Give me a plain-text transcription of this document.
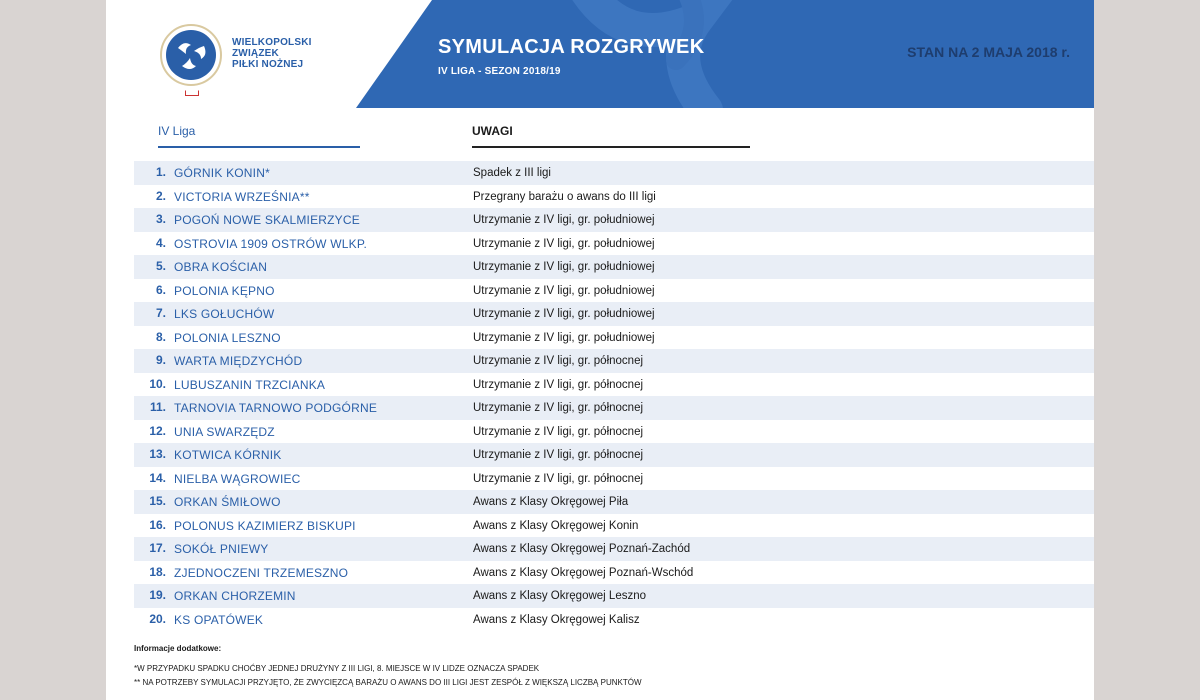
WIELKOPOLSKI
ZWIĄZEK
PIŁKI NOŻNEJ
SYMULACJA ROZGRYWEK
IV LIGA - SEZON 2018/19
STAN NA 2 MAJA 2018 r.
IV Liga	UWAGI
1. GÓRNIK KONIN*	Spadek z III ligi
2. VICTORIA WRZEŚNIA**	Przegrany barażu o awans do III ligi
3. POGOŃ NOWE SKALMIERZYCE	Utrzymanie z IV ligi, gr. południowej
4. OSTROVIA 1909 OSTRÓW WLKP.	Utrzymanie z IV ligi, gr. południowej
5. OBRA KOŚCIAN	Utrzymanie z IV ligi, gr. południowej
6. POLONIA KĘPNO	Utrzymanie z IV ligi, gr. południowej
7. LKS GOŁUCHÓW	Utrzymanie z IV ligi, gr. południowej
8. POLONIA LESZNO	Utrzymanie z IV ligi, gr. południowej
9. WARTA MIĘDZYCHÓD	Utrzymanie z IV ligi, gr. północnej
10. LUBUSZANIN TRZCIANKA	Utrzymanie z IV ligi, gr. północnej
11. TARNOVIA TARNOWO PODGÓRNE	Utrzymanie z IV ligi, gr. północnej
12. UNIA SWARZĘDZ	Utrzymanie z IV ligi, gr. północnej
13. KOTWICA KÓRNIK	Utrzymanie z IV ligi, gr. północnej
14. NIELBA WĄGROWIEC	Utrzymanie z IV ligi, gr. północnej
15. ORKAN ŚMIŁOWO	Awans z Klasy Okręgowej Piła
16. POLONUS KAZIMIERZ BISKUPI	Awans z Klasy Okręgowej Konin
17. SOKÓŁ PNIEWY	Awans z Klasy Okręgowej Poznań-Zachód
18. ZJEDNOCZENI TRZEMESZNO	Awans z Klasy Okręgowej Poznań-Wschód
19. ORKAN CHORZEMIN	Awans z Klasy Okręgowej Leszno
20. KS OPATÓWEK	Awans z Klasy Okręgowej Kalisz
Informacje dodatkowe:
*W PRZYPADKU SPADKU CHOĆBY JEDNEJ DRUŻYNY Z III LIGI, 8. MIEJSCE W IV LIDZE OZNACZA SPADEK
** NA POTRZEBY SYMULACJI PRZYJĘTO, ŻE ZWYCIĘZCĄ BARAŻU O AWANS DO III LIGI JEST ZESPÓŁ Z WIĘKSZĄ LICZBĄ PUNKTÓW
